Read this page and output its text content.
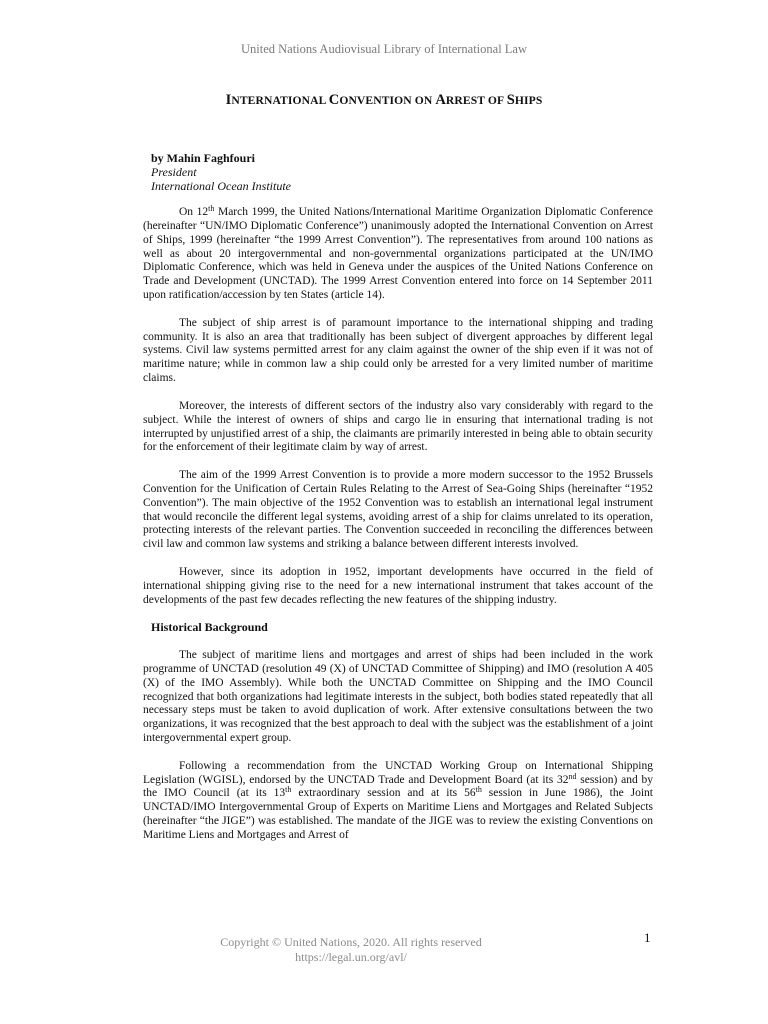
United Nations Audiovisual Library of International Law
INTERNATIONAL CONVENTION ON ARREST OF SHIPS
by Mahin Faghfouri
President
International Ocean Institute

On 12th March 1999, the United Nations/International Maritime Organization Diplomatic Conference (hereinafter “UN/IMO Diplomatic Conference”) unanimously adopted the International Convention on Arrest of Ships, 1999 (hereinafter “the 1999 Arrest Convention”). The representatives from around 100 nations as well as about 20 intergovernmental and non-governmental organizations participated at the UN/IMO Diplomatic Conference, which was held in Geneva under the auspices of the United Nations Conference on Trade and Development (UNCTAD). The 1999 Arrest Convention entered into force on 14 September 2011 upon ratification/accession by ten States (article 14).

The subject of ship arrest is of paramount importance to the international shipping and trading community. It is also an area that traditionally has been subject of divergent approaches by different legal systems. Civil law systems permitted arrest for any claim against the owner of the ship even if it was not of maritime nature; while in common law a ship could only be arrested for a very limited number of maritime claims.

Moreover, the interests of different sectors of the industry also vary considerably with regard to the subject. While the interest of owners of ships and cargo lie in ensuring that international trading is not interrupted by unjustified arrest of a ship, the claimants are primarily interested in being able to obtain security for the enforcement of their legitimate claim by way of arrest.

The aim of the 1999 Arrest Convention is to provide a more modern successor to the 1952 Brussels Convention for the Unification of Certain Rules Relating to the Arrest of Sea-Going Ships (hereinafter “1952 Convention”). The main objective of the 1952 Convention was to establish an international legal instrument that would reconcile the different legal systems, avoiding arrest of a ship for claims unrelated to its operation, protecting interests of the relevant parties. The Convention succeeded in reconciling the differences between civil law and common law systems and striking a balance between different interests involved.

However, since its adoption in 1952, important developments have occurred in the field of international shipping giving rise to the need for a new international instrument that takes account of the developments of the past few decades reflecting the new features of the shipping industry.

Historical Background

The subject of maritime liens and mortgages and arrest of ships had been included in the work programme of UNCTAD (resolution 49 (X) of UNCTAD Committee of Shipping) and IMO (resolution A 405 (X) of the IMO Assembly). While both the UNCTAD Committee on Shipping and the IMO Council recognized that both organizations had legitimate interests in the subject, both bodies stated repeatedly that all necessary steps must be taken to avoid duplication of work. After extensive consultations between the two organizations, it was recognized that the best approach to deal with the subject was the establishment of a joint intergovernmental expert group.

Following a recommendation from the UNCTAD Working Group on International Shipping Legislation (WGISL), endorsed by the UNCTAD Trade and Development Board (at its 32nd session) and by the IMO Council (at its 13th extraordinary session and at its 56th session in June 1986), the Joint UNCTAD/IMO Intergovernmental Group of Experts on Maritime Liens and Mortgages and Related Subjects (hereinafter “the JIGE”) was established. The mandate of the JIGE was to review the existing Conventions on Maritime Liens and Mortgages and Arrest of

Copyright © United Nations, 2020. All rights reserved
https://legal.un.org/avl/
1
